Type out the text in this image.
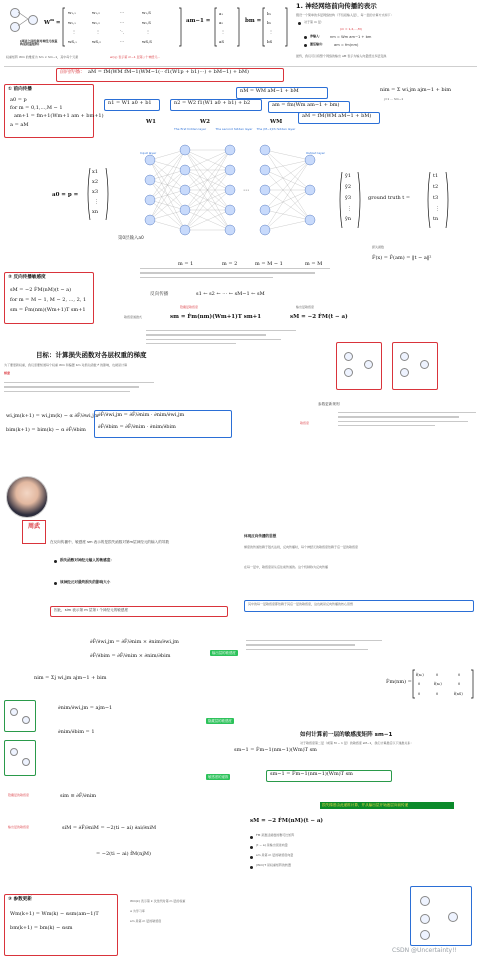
$W^m$ =
w₁,₁	w₁,₂	⋯	w₁,S
w₂,₁	w₂,₂	⋯	w₂,S
⋮	⋮	⋱	⋮
wS,₁	wS,₂	⋯	wS,S
(两层之间的每对神经元权重构成权重矩阵)
权重矩阵 Wm 的维度为 Sm × Sm−1，其中每个元素	w(i,j) 表示第 m−1 层第 j 个神经元...
am−1 =
a₁
a₂
⋮
aS
bm =
b₁
b₂
⋮
bS
1. 神经网络前向传播的表示
假设一个简单的多层网络结构（不包括输入层），每一层的计算方式如下：
对于第 m 层：
(m = 1,2,...,M)
净输入： nm = Wm am−1 + bm
激活输出： am = fm(nm)
最终，我们可以将整个网络的输出 aM 表示为输入向量经过多层变换
前向传播： aM = fM(WM fM−1(WM−1(⋯f1(W1p + b1)⋯) + bM−1) + bM)
nim = Σ wi,jm ajm−1 + bim
j=1 ... Sm−1
① 前向传播
a0 = p
for m = 0,1,...,M − 1
am+1 = fm+1(Wm+1 am + bm+1)
a = aM
nM = WM aM−1 + bM
n1 = W1 a0 + b1	n2 = W2 f1(W1 a0 + b1) + b2	am = fm(Wm am−1 + bm)
aM = fM(WM aM−1 + bM)
W1	W2	WM
The first hidden layer	The second hidden layer	The (M−1)th hidden layer
Input layer	Output layer
⋯
a0 = p =
x1
x2
x3
⋮
xn
第0层输入a0
m = 1	m = 2	m = M − 1	m = M
ŷ1
ŷ2
ŷ3
⋮
ŷn
ground truth t =
t1
t2
t3
⋮
tn
损失函数
F̂(x) = F̂(am) = ‖t − a‖²
② 反向传播敏感度
sM = −2 ḞM(nM)(t − a)
for m = M − 1, M − 2, ..., 2, 1
sm = Ḟm(nm)(Wm+1)T sm+1
反向传播	s1 ← s2 ← ⋯ ← sM−1 ← sM
隐藏层敏感度	输出层敏感度
敏感度递推式	sm = Ḟm(nm)(Wm+1)T sm+1	sM = −2 ḞM(t − a)
目标：计算损失函数对各层权重的梯度
为了要更新权重，我们需要知道每个权重 Wm 和偏置 bm 对损失函数 F̂ 的影响，也就是计算
梯度
wi,jm(k+1) = wi,jm(k) − α ∂F̂/∂wi,jm
bim(k+1) = bim(k) − α ∂F̂/∂bim
∂F̂/∂wi,jm = ∂F̂/∂nim · ∂nim/∂wi,jm
∂F̂/∂bim = ∂F̂/∂nim · ∂nim/∂bim
参数更新规则
敏感度
周武
在反向传播中，敏感度 sm 表示的是损失函数对第m层神经元的输入的导数
损失函数对神经元输入的敏感度：
该神经元对最终损失的影响大小
因此，sim 表示第 m 层第 i 个神经元的敏感度
体现反向传播的思想
梯度的传递依赖于链式法则，反向传播时，每个神经元的敏感度依赖于后一层的敏感度
在每一层中，敏感度是从后往前传递的。这个机制称为反向传播
其中的每一层敏感度都依赖于其后一层的敏感度，这也就是反向传播的核心思想
∂F̂/∂wi,jm = ∂F̂/∂nim × ∂nim/∂wi,jm
∂F̂/∂bim = ∂F̂/∂nim × ∂nim/∂bim	输出层的敏感度
nim = Σj wi,jm ajm−1 + bim
∂nim/∂wi,jm = ajm−1
∂nim/∂bim = 1
隐藏层的敏感度	sim ≡ ∂F̂/∂nim
隐藏层的敏感度
敏感度的递推
输出层的敏感度	siM = ∂F̂/∂niM = −2(ti − ai) ∂ai/∂niM
= −2(ti − ai) ḟM(njM)
Ḟm(nm) =
ḟ(n₁)	0	0
0	ḟ(n₂)	0
0	0	ḟ(nS)
sm−1 = Ḟm−1(nm−1)(Wm)T sm
sm−1 = Ḟm−1(nm−1)(Wm)T sm
如何计算前一层的敏感度矩阵 sm−1
对于敏感度第二层（或第 M − 1 层）的敏感度 sM−1，我们计算最后以下递推关系：
sM = −2 ḞM(nM)(t − a)
损失梯度由此递推计算，并从输出层开始逐层向前传递
ḞM 是激活函数的雅可比矩阵
(t − a) 是输出误差向量
sm 是第 m 层的敏感度向量
(Wm)T 是权重矩阵的转置
③ 参数更新
Wm(k+1) = Wm(k) − αsm(am−1)T
bm(k+1) = bm(k) − αsm
Wm(k) 表示第 k 次迭代时第 m 层的权重
α 为学习率
sm 是第 m 层的敏感度
CSDN @Uncertainty!!
